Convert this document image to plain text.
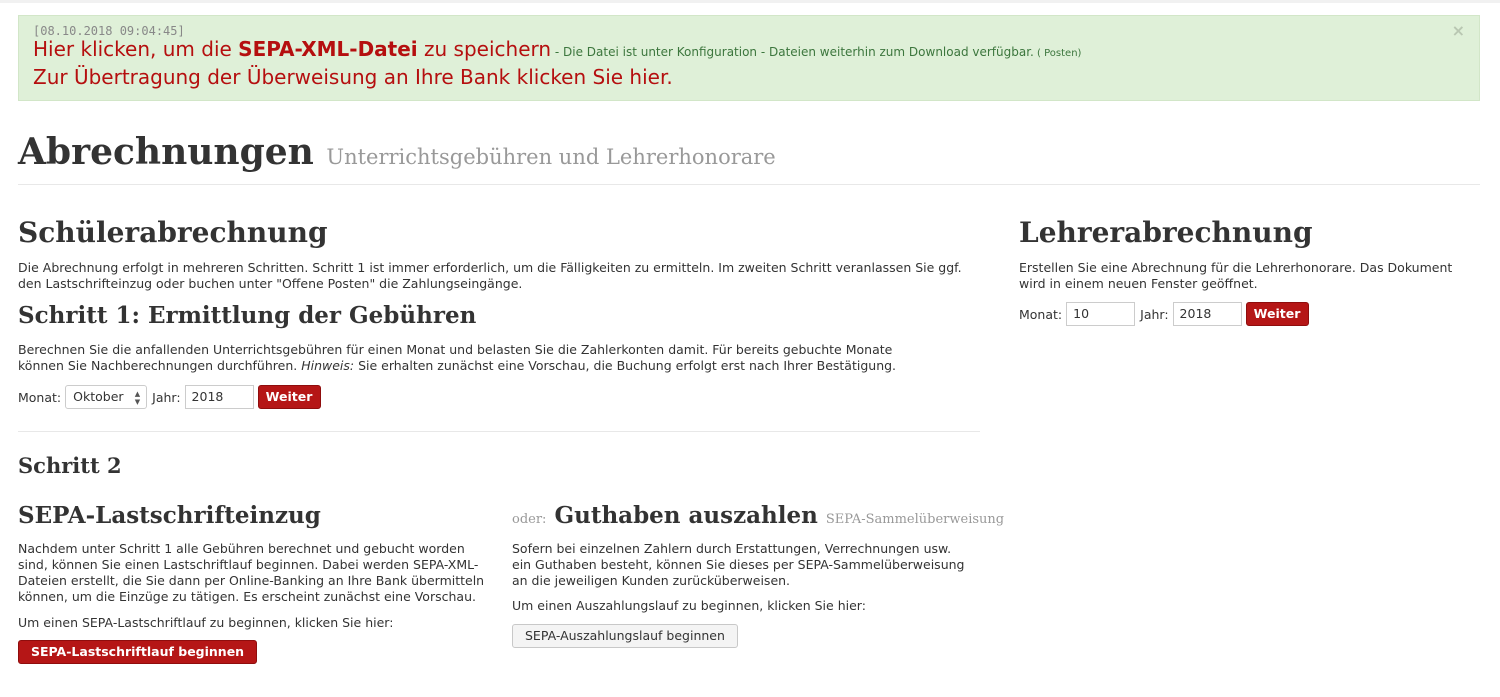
[08.10.2018 09:04:45]	×
Hier klicken, um die SEPA-XML-Datei zu speichern - Die Datei ist unter Konfiguration - Dateien weiterhin zum Download verfügbar. ( Posten)
Zur Übertragung der Überweisung an Ihre Bank klicken Sie hier.
Abrechnungen Unterrichtsgebühren und Lehrerhonorare
Schülerabrechnung
Die Abrechnung erfolgt in mehreren Schritten. Schritt 1 ist immer erforderlich, um die Fälligkeiten zu ermitteln. Im zweiten Schritt veranlassen Sie ggf. den Lastschrifteinzug oder buchen unter "Offene Posten" die Zahlungseingänge.
Schritt 1: Ermittlung der Gebühren
Berechnen Sie die anfallenden Unterrichtsgebühren für einen Monat und belasten Sie die Zahlerkonten damit. Für bereits gebuchte Monate können Sie Nachberechnungen durchführen. Hinweis: Sie erhalten zunächst eine Vorschau, die Buchung erfolgt erst nach Ihrer Bestätigung.
Monat: Oktober ▲
▼ Jahr: 2018	Weiter
Schritt 2
SEPA-Lastschrifteinzug
Nachdem unter Schritt 1 alle Gebühren berechnet und gebucht worden sind, können Sie einen Lastschriftlauf beginnen. Dabei werden SEPA-XML-Dateien erstellt, die Sie dann per Online-Banking an Ihre Bank übermitteln können, um die Einzüge zu tätigen. Es erscheint zunächst eine Vorschau.
Um einen SEPA-Lastschriftlauf zu beginnen, klicken Sie hier:
SEPA-Lastschriftlauf beginnen
oder: Guthaben auszahlen SEPA-Sammelüberweisung
Sofern bei einzelnen Zahlern durch Erstattungen, Verrechnungen usw. ein Guthaben besteht, können Sie dieses per SEPA-Sammelüberweisung an die jeweiligen Kunden zurücküberweisen.
Um einen Auszahlungslauf zu beginnen, klicken Sie hier:
SEPA-Auszahlungslauf beginnen
Lehrerabrechnung
Erstellen Sie eine Abrechnung für die Lehrerhonorare. Das Dokument wird in einem neuen Fenster geöffnet.
Monat: 10	Jahr: 2018	Weiter
